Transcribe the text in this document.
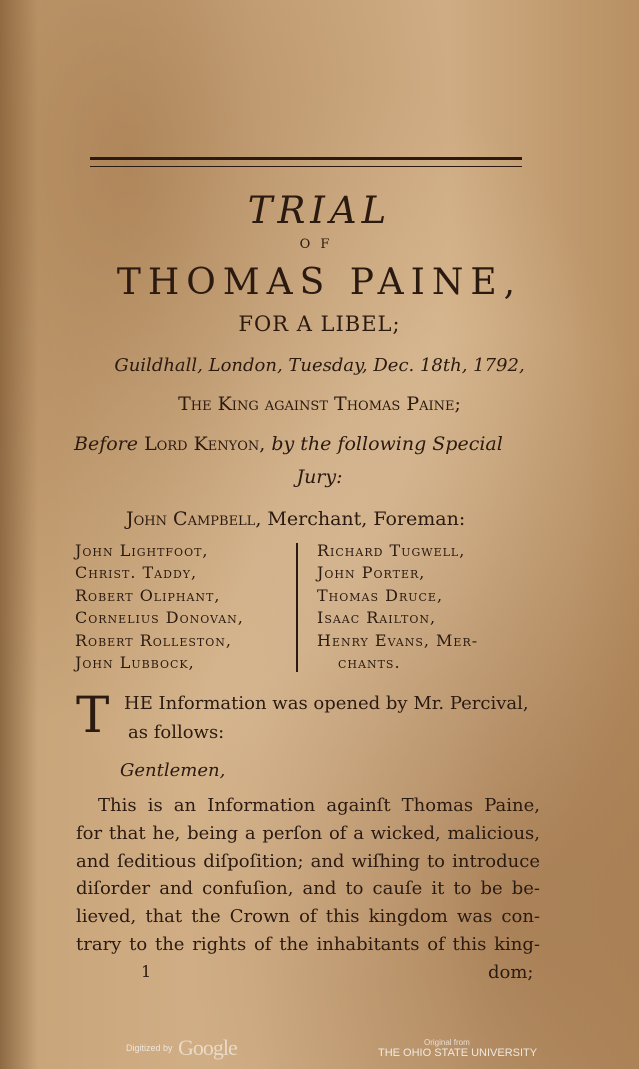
TRIAL
OF
THOMAS PAINE,
FOR A LIBEL;
Guildhall, London, Tuesday, Dec. 18th, 1792,
The King against Thomas Paine;
Before Lord Kenyon, by the following Special
Jury:
John Campbell, Merchant, Foreman:
John Lightfoot,
Christ. Taddy,
Robert Oliphant,
Cornelius Donovan,
Robert Rolleston,
John Lubbock,
Richard Tugwell,
John Porter,
Thomas Druce,
Isaac Railton,
Henry Evans, Mer-
chants.
T HE Information was opened by Mr. Percival,
as follows:
Gentlemen,
This is an Information againſt Thomas Paine,
for that he, being a perſon of a wicked, malicious,
and ſeditious diſpoſition; and wiſhing to introduce
diſorder and confuſion, and to cauſe it to be be-
lieved, that the Crown of this kingdom was con-
trary to the rights of the inhabitants of this king-
1	dom;
Digitized by Google	Original from
THE OHIO STATE UNIVERSITY
